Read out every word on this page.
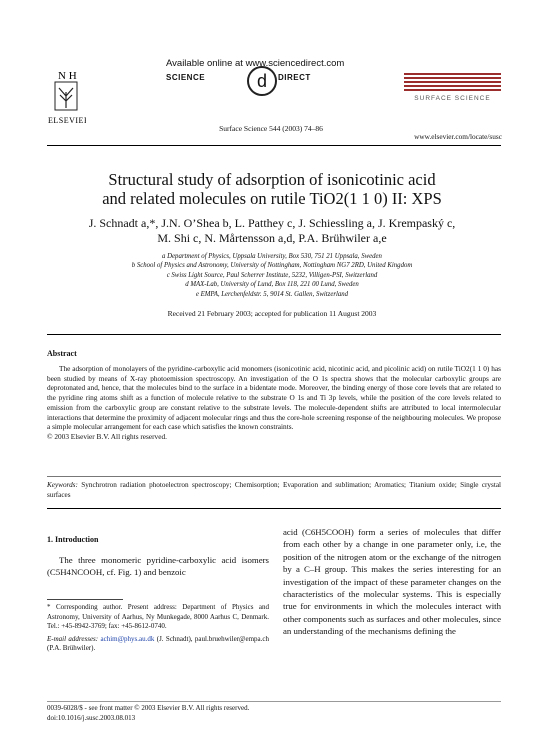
N H
ELSEVIER
Available online at www.sciencedirect.com
SCIENCE	d	DIRECT
SURFACE SCIENCE
Surface Science 544 (2003) 74–86
www.elsevier.com/locate/susc
Structural study of adsorption of isonicotinic acid
and related molecules on rutile TiO2(1 1 0) II: XPS
J. Schnadt a,*, J.N. O’Shea b, L. Patthey c, J. Schiessling a, J. Krempaský c,
M. Shi c, N. Mårtensson a,d, P.A. Brühwiler a,e
a Department of Physics, Uppsala University, Box 530, 751 21 Uppsala, Sweden
b School of Physics and Astronomy, University of Nottingham, Nottingham NG7 2RD, United Kingdom
c Swiss Light Source, Paul Scherrer Institute, 5232, Villigen-PSI, Switzerland
d MAX-Lab, University of Lund, Box 118, 221 00 Lund, Sweden
e EMPA, Lerchenfeldstr. 5, 9014 St. Gallen, Switzerland
Received 21 February 2003; accepted for publication 11 August 2003
Abstract
The adsorption of monolayers of the pyridine-carboxylic acid monomers (isonicotinic acid, nicotinic acid, and picolinic acid) on rutile TiO2(1 1 0) has been studied by means of X-ray photoemission spectroscopy. An investigation of the O 1s spectra shows that the molecular carboxylic groups are deprotonated and, hence, that the molecules bind to the surface in a bidentate mode. Moreover, the binding energy of those core levels that are related to the pyridine ring atoms shift as a function of molecule relative to the substrate O 1s and Ti 3p levels, while the position of the core levels related to emission from the carboxylic group are constant relative to the substrate levels. The molecule-dependent shifts are attributed to local intermolecular interactions that determine the proximity of adjacent molecular rings and thus the core-hole screening response of the neighbouring molecules. We propose a simple molecular arrangement for each case which satisfies the known constraints.
© 2003 Elsevier B.V. All rights reserved.
Keywords: Synchrotron radiation photoelectron spectroscopy; Chemisorption; Evaporation and sublimation; Aromatics; Titanium oxide; Single crystal surfaces
1. Introduction
The three monomeric pyridine-carboxylic acid isomers (C5H4NCOOH, cf. Fig. 1) and benzoic
* Corresponding author. Present address: Department of Physics and Astronomy, University of Aarhus, Ny Munkegade, 8000 Aarhus C, Denmark. Tel.: +45-8942-3769; fax: +45-8612-0740.
E-mail addresses: achim@phys.au.dk (J. Schnadt), paul.bruehwiler@empa.ch (P.A. Brühwiler).
acid (C6H5COOH) form a series of molecules that differ from each other by a change in one parameter only, i.e, the position of the nitrogen atom or the exchange of the nitrogen by a C–H group. This makes the series interesting for an investigation of the impact of these parameter changes on the characteristics of the molecular systems. This is especially true for environments in which the molecules interact with other components such as surfaces and other molecules, since an understanding of the mechanisms defining the
0039-6028/$ - see front matter © 2003 Elsevier B.V. All rights reserved.
doi:10.1016/j.susc.2003.08.013
